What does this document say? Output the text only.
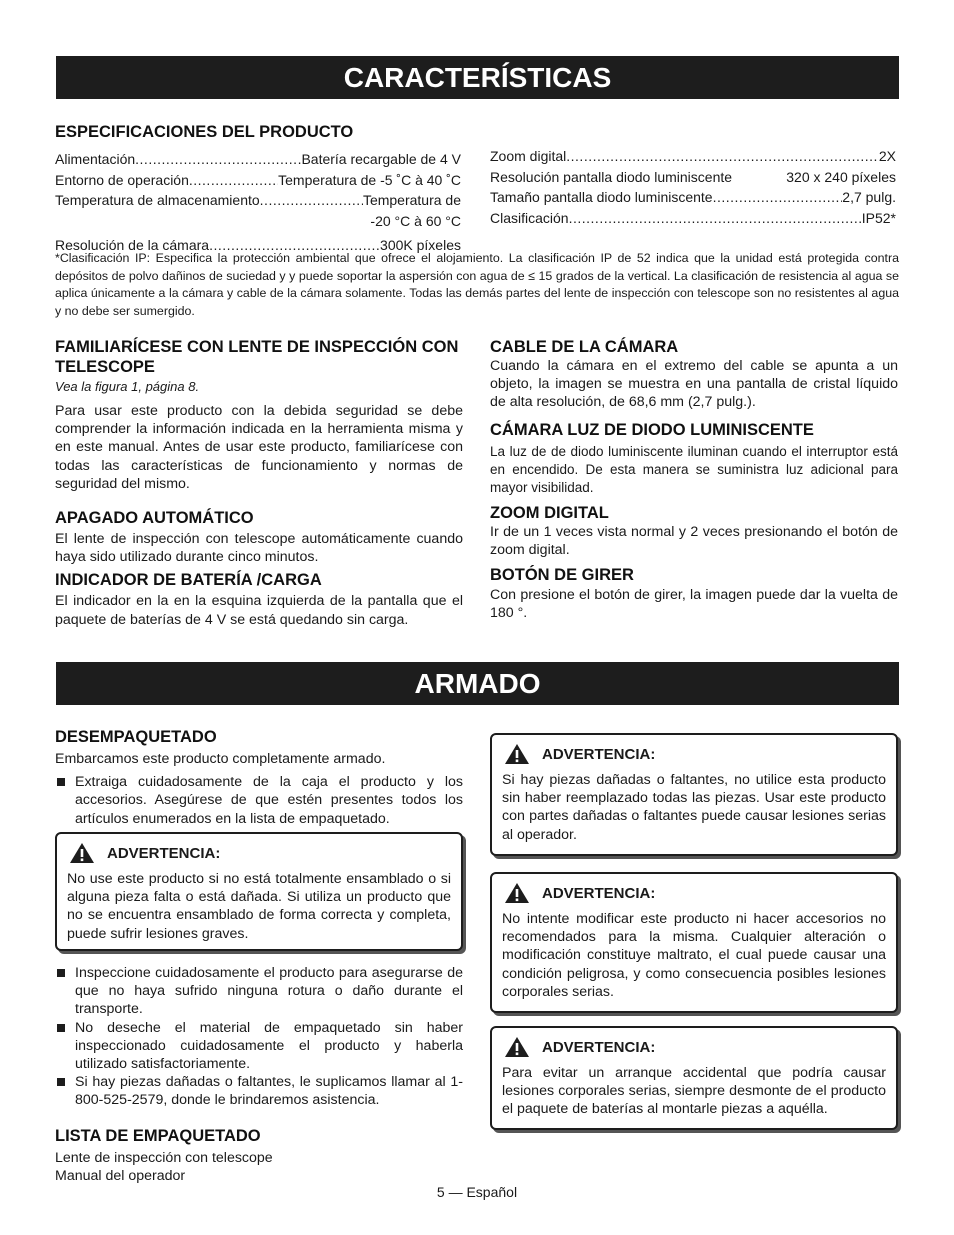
CARACTERÍSTICAS
ESPECIFICACIONES DEL PRODUCTO
Alimentación .....	Batería recargable de 4 V
Entorno de operación .....	Temperatura de -5 ˚C à 40 ˚C
Temperatura de almacenamiento .....	Temperatura de
-20 °C à 60 °C
Resolución de la cámara .....	300K píxeles
Zoom digital .....	2X
Resolución pantalla diodo luminiscente	320 x 240 píxeles
Tamaño pantalla diodo luminiscente .....	2,7 pulg.
Clasificación .....	IP52*
*Clasificación IP: Especifica la protección ambiental que ofrece el alojamiento. La clasificación IP de 52 indica que la unidad está protegida contra depósitos de polvo dañinos de suciedad y y puede soportar la aspersión con agua de ≤ 15 grados de la vertical. La clasificación de resistencia al agua se aplica únicamente a la cámara y cable de la cámara solamente. Todas las demás partes del lente de inspección con telescope son no resistentes al agua y no debe ser sumergido.
FAMILIARÍCESE CON LENTE DE INSPECCIÓN CON TELESCOPE
Vea la figura 1, página 8.

Para usar este producto con la debida seguridad se debe comprender la información indicada en la herramienta misma y en este manual. Antes de usar este producto, familiarícese con todas las características de funcionamiento y normas de seguridad del mismo.

APAGADO AUTOMÁTICO

El lente de inspección con telescope automáticamente cuando haya sido utilizado durante cinco minutos.

INDICADOR DE BATERÍA /CARGA

El indicador en la en la esquina izquierda de la pantalla que el paquete de baterías de 4 V se está quedando sin carga.

CABLE DE LA CÁMARA

Cuando la cámara en el extremo del cable se apunta a un objeto, la imagen se muestra en una pantalla de cristal líquido de alta resolución, de 68,6 mm (2,7 pulg.).

CÁMARA LUZ DE DIODO LUMINISCENTE

La luz de de diodo luminiscente iluminan cuando el interruptor está en encendido. De esta manera se suministra luz adicional para mayor visibilidad.

ZOOM DIGITAL

Ir de un 1 veces vista normal y 2 veces presionando el botón de zoom digital.

BOTÓN DE GIRER

Con presione el botón de girer, la imagen puede dar la vuelta de 180 °.

ARMADO
DESEMPAQUETADO

Embarcamos este producto completamente armado.

Extraiga cuidadosamente de la caja el producto y los accesorios. Asegúrese de que estén presentes todos los artículos enumerados en la lista de empaquetado.
ADVERTENCIA:

No use este producto si no está totalmente ensamblado o si alguna pieza falta o está dañada. Si utiliza un producto que no se encuentra ensamblado de forma correcta y completa, puede sufrir lesiones graves.

Inspeccione cuidadosamente el producto para asegurarse de que no haya sufrido ninguna rotura o daño durante el transporte.
No deseche el material de empaquetado sin haber inspeccionado cuidadosamente el producto y haberla utilizado satisfactoriamente.
Si hay piezas dañadas o faltantes, le suplicamos llamar al 1-800-525-2579, donde le brindaremos asistencia.
LISTA DE EMPAQUETADO
Lente de inspección con telescope
Manual del operador
ADVERTENCIA:

Si hay piezas dañadas o faltantes, no utilice esta producto sin haber reemplazado todas las piezas. Usar este producto con partes dañadas o faltantes puede causar lesiones serias al operador.

ADVERTENCIA:

No intente modificar este producto ni hacer accesorios no recomendados para la misma. Cualquier alteración o modificación constituye maltrato, el cual puede causar una condición peligrosa, y como consecuencia posibles lesiones corporales serias.

ADVERTENCIA:

Para evitar un arranque accidental que podría causar lesiones corporales serias, siempre desmonte de el producto el paquete de baterías al montarle piezas a aquélla.

5 — Español
